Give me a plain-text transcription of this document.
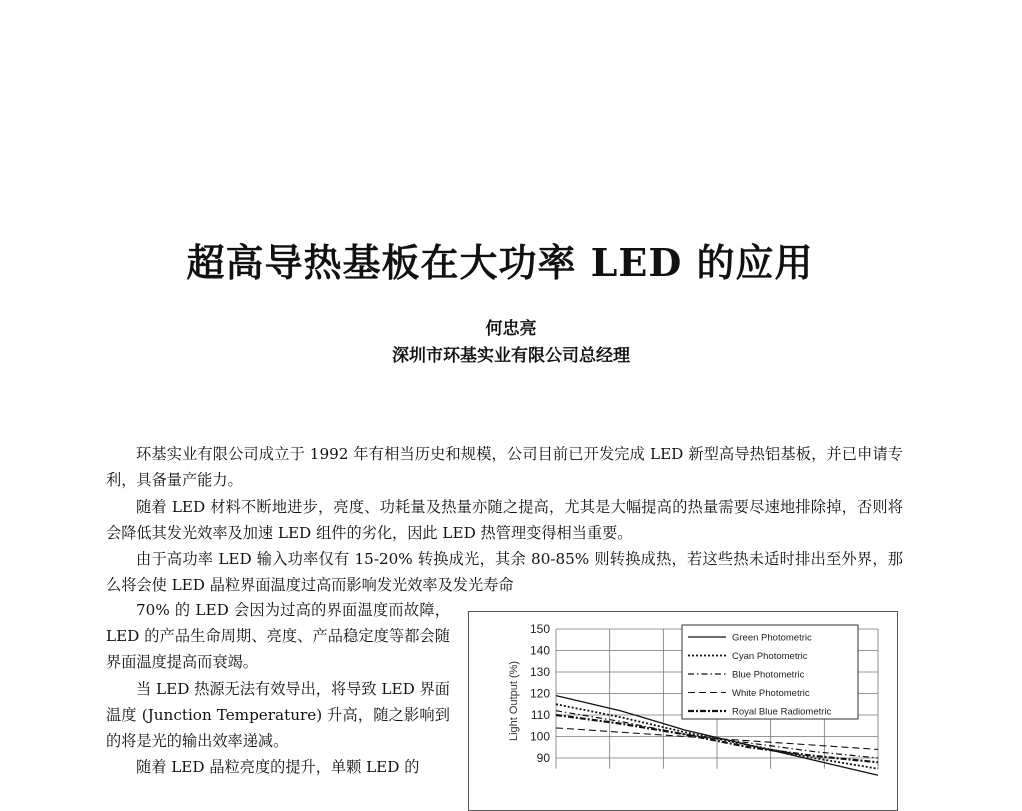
超高导热基板在大功率 LED 的应用
何忠亮
深圳市环基实业有限公司总经理

环基实业有限公司成立于 1992 年有相当历史和规模，公司目前已开发完成 LED 新型高导热铝基板，并已申请专利，具备量产能力。

随着 LED 材料不断地进步，亮度、功耗量及热量亦随之提高，尤其是大幅提高的热量需要尽速地排除掉，否则将会降低其发光效率及加速 LED 组件的劣化，因此 LED 热管理变得相当重要。

由于高功率 LED 输入功率仅有 15-20% 转换成光，其余 80-85% 则转换成热，若这些热未适时排出至外界，那么将会使 LED 晶粒界面温度过高而影响发光效率及发光寿命

70% 的 LED 会因为过高的界面温度而故障，LED 的产品生命周期、亮度、产品稳定度等都会随界面温度提高而衰竭。

当 LED 热源无法有效导出，将导致 LED 界面温度 (Junction Temperature) 升高，随之影响到的将是光的输出效率递减。

随着 LED 晶粒亮度的提升，单颗 LED 的

150
140
130
120
110
100
90
Light Output (%)
Green Photometric
Cyan Photometric
Blue Photometric
White Photometric
Royal Blue Radiometric
